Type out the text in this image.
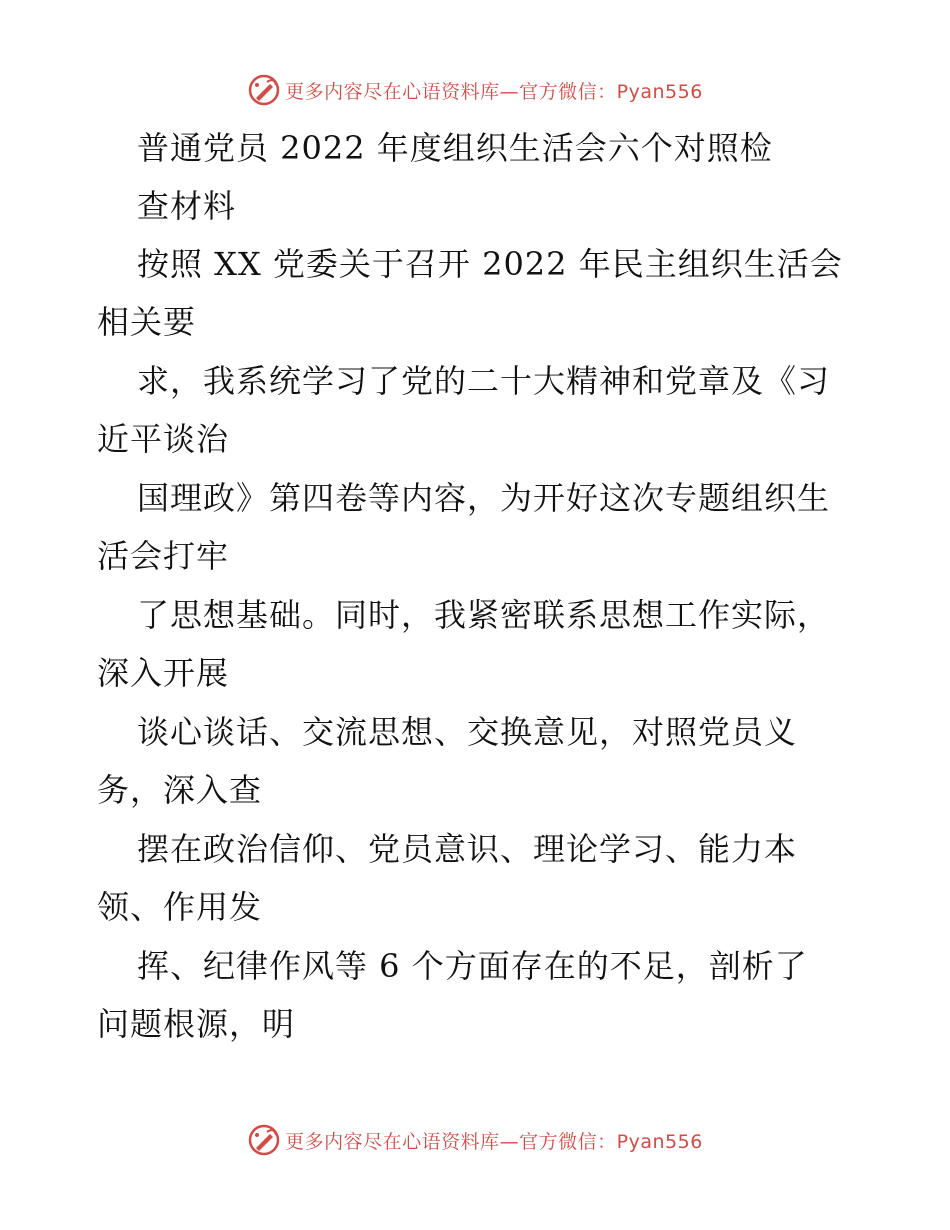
更多内容尽在心语资料库—官方微信：Pyan556
普通党员 2022 年度组织生活会六个对照检
查材料
按照 XX 党委关于召开 2022 年民主组织生活会
相关要
求，我系统学习了党的二十大精神和党章及《习
近平谈治
国理政》第四卷等内容，为开好这次专题组织生
活会打牢
了思想基础。同时，我紧密联系思想工作实际，
深入开展
谈心谈话、交流思想、交换意见，对照党员义
务，深入查
摆在政治信仰、党员意识、理论学习、能力本
领、作用发
挥、纪律作风等 6 个方面存在的不足，剖析了
问题根源，明
更多内容尽在心语资料库—官方微信：Pyan556
